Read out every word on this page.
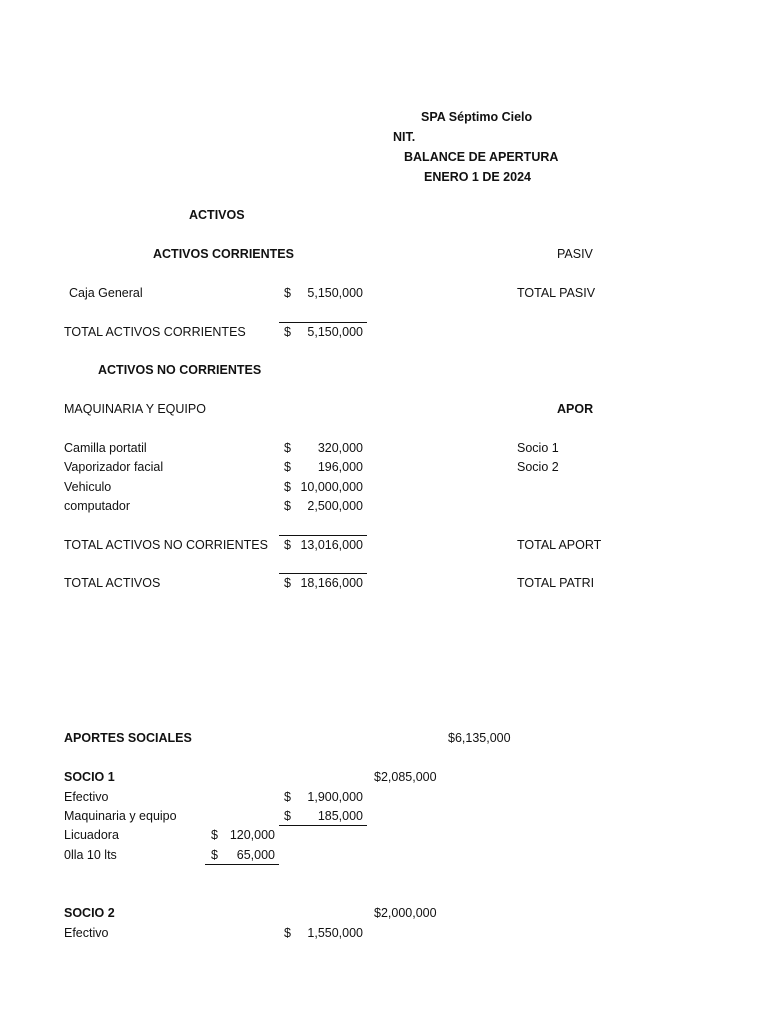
SPA Séptimo Cielo
NIT.
BALANCE DE APERTURA
ENERO 1 DE 2024
ACTIVOS
ACTIVOS CORRIENTES
Caja General	$ 5,150,000
TOTAL ACTIVOS CORRIENTES	$ 5,150,000
ACTIVOS NO CORRIENTES
MAQUINARIA Y EQUIPO
Camilla portatil	$ 320,000
Vaporizador facial	$ 196,000
Vehiculo	$ 10,000,000
computador	$ 2,500,000
TOTAL ACTIVOS NO CORRIENTES $ 13,016,000
TOTAL ACTIVOS	$ 18,166,000
PASIV
TOTAL PASIV
APOR
Socio 1
Socio 2
TOTAL APORT
TOTAL PATRI
APORTES SOCIALES	$6,135,000
SOCIO 1	$2,085,000
Efectivo	$ 1,900,000
Maquinaria y equipo	$ 185,000
Licuadora	$ 120,000
0lla 10 lts	$ 65,000
SOCIO 2	$2,000,000
Efectivo	$ 1,550,000
